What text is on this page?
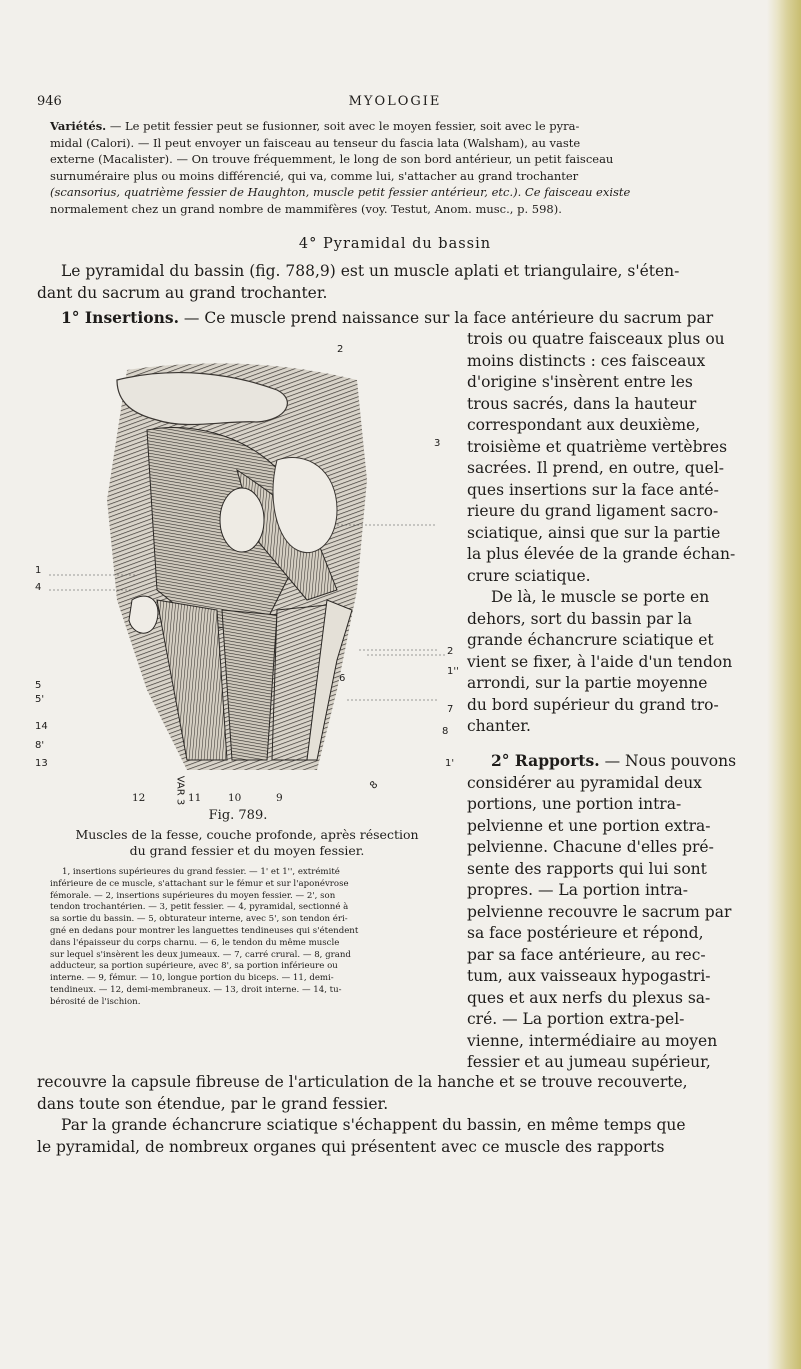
946	MYOLOGIE
Variétés. — Le petit fessier peut se fusionner, soit avec le moyen fessier, soit avec le pyra-
midal (Calori). — Il peut envoyer un faisceau au tenseur du fascia lata (Walsham), au vaste
externe (Macalister). — On trouve fréquemment, le long de son bord antérieur, un petit faisceau
surnuméraire plus ou moins différencié, qui va, comme lui, s'attacher au grand trochanter
(scansorius, quatrième fessier de Haughton, muscle petit fessier antérieur, etc.). Ce faisceau existe
normalement chez un grand nombre de mammifères (voy. Testut, Anom. musc., p. 598).
4° Pyramidal du bassin
Le pyramidal du bassin (fig. 788,9) est un muscle aplati et triangulaire, s'éten-
dant du sacrum au grand trochanter.
1° Insertions. — Ce muscle prend naissance sur la face antérieure du sacrum par
trois ou quatre faisceaux plus ou
moins distincts : ces faisceaux
d'origine s'insèrent entre les
trous sacrés, dans la hauteur
correspondant aux deuxième,
troisième et quatrième vertèbres
sacrées. Il prend, en outre, quel-
ques insertions sur la face anté-
rieure du grand ligament sacro-
sciatique, ainsi que sur la partie
la plus élevée de la grande échan-
crure sciatique.
De là, le muscle se porte en
dehors, sort du bassin par la
grande échancrure sciatique et
vient se fixer, à l'aide d'un tendon
arrondi, sur la partie moyenne
du bord supérieur du grand tro-
chanter.
2° Rapports. — Nous pouvons
considérer au pyramidal deux
portions, une portion intra-
pelvienne et une portion extra-
pelvienne. Chacune d'elles pré-
sente des rapports qui lui sont
propres. — La portion intra-
pelvienne recouvre le sacrum par
sa face postérieure et répond,
par sa face antérieure, au rec-
tum, aux vaisseaux hypogastri-
ques et aux nerfs du plexus sa-
cré. — La portion extra-pel-
vienne, intermédiaire au moyen
fessier et au jumeau supérieur,
recouvre la capsule fibreuse de l'articulation de la hanche et se trouve recouverte,
dans toute son étendue, par le grand fessier.
Par la grande échancrure sciatique s'échappent du bassin, en même temps que
le pyramidal, de nombreux organes qui présentent avec ce muscle des rapports
2
3
1
4
2
1''
5
5'
6
7
14	8
8'
13	1'
VAR 3	8
12	11	10	9
Fig. 789.
Muscles de la fesse, couche profonde, après résection
du grand fessier et du moyen fessier.
1, insertions supérieures du grand fessier. — 1' et 1'', extrémité
inférieure de ce muscle, s'attachant sur le fémur et sur l'aponévrose
fémorale. — 2, insertions supérieures du moyen fessier. — 2', son
tendon trochantérien. — 3, petit fessier. — 4, pyramidal, sectionné à
sa sortie du bassin. — 5, obturateur interne, avec 5', son tendon éri-
gné en dedans pour montrer les languettes tendineuses qui s'étendent
dans l'épaisseur du corps charnu. — 6, le tendon du même muscle
sur lequel s'insèrent les deux jumeaux. — 7, carré crural. — 8, grand
adducteur, sa portion supérieure, avec 8', sa portion inférieure ou
interne. — 9, fémur. — 10, longue portion du biceps. — 11, demi-
tendineux. — 12, demi-membraneux. — 13, droit interne. — 14, tu-
bérosité de l'ischion.
